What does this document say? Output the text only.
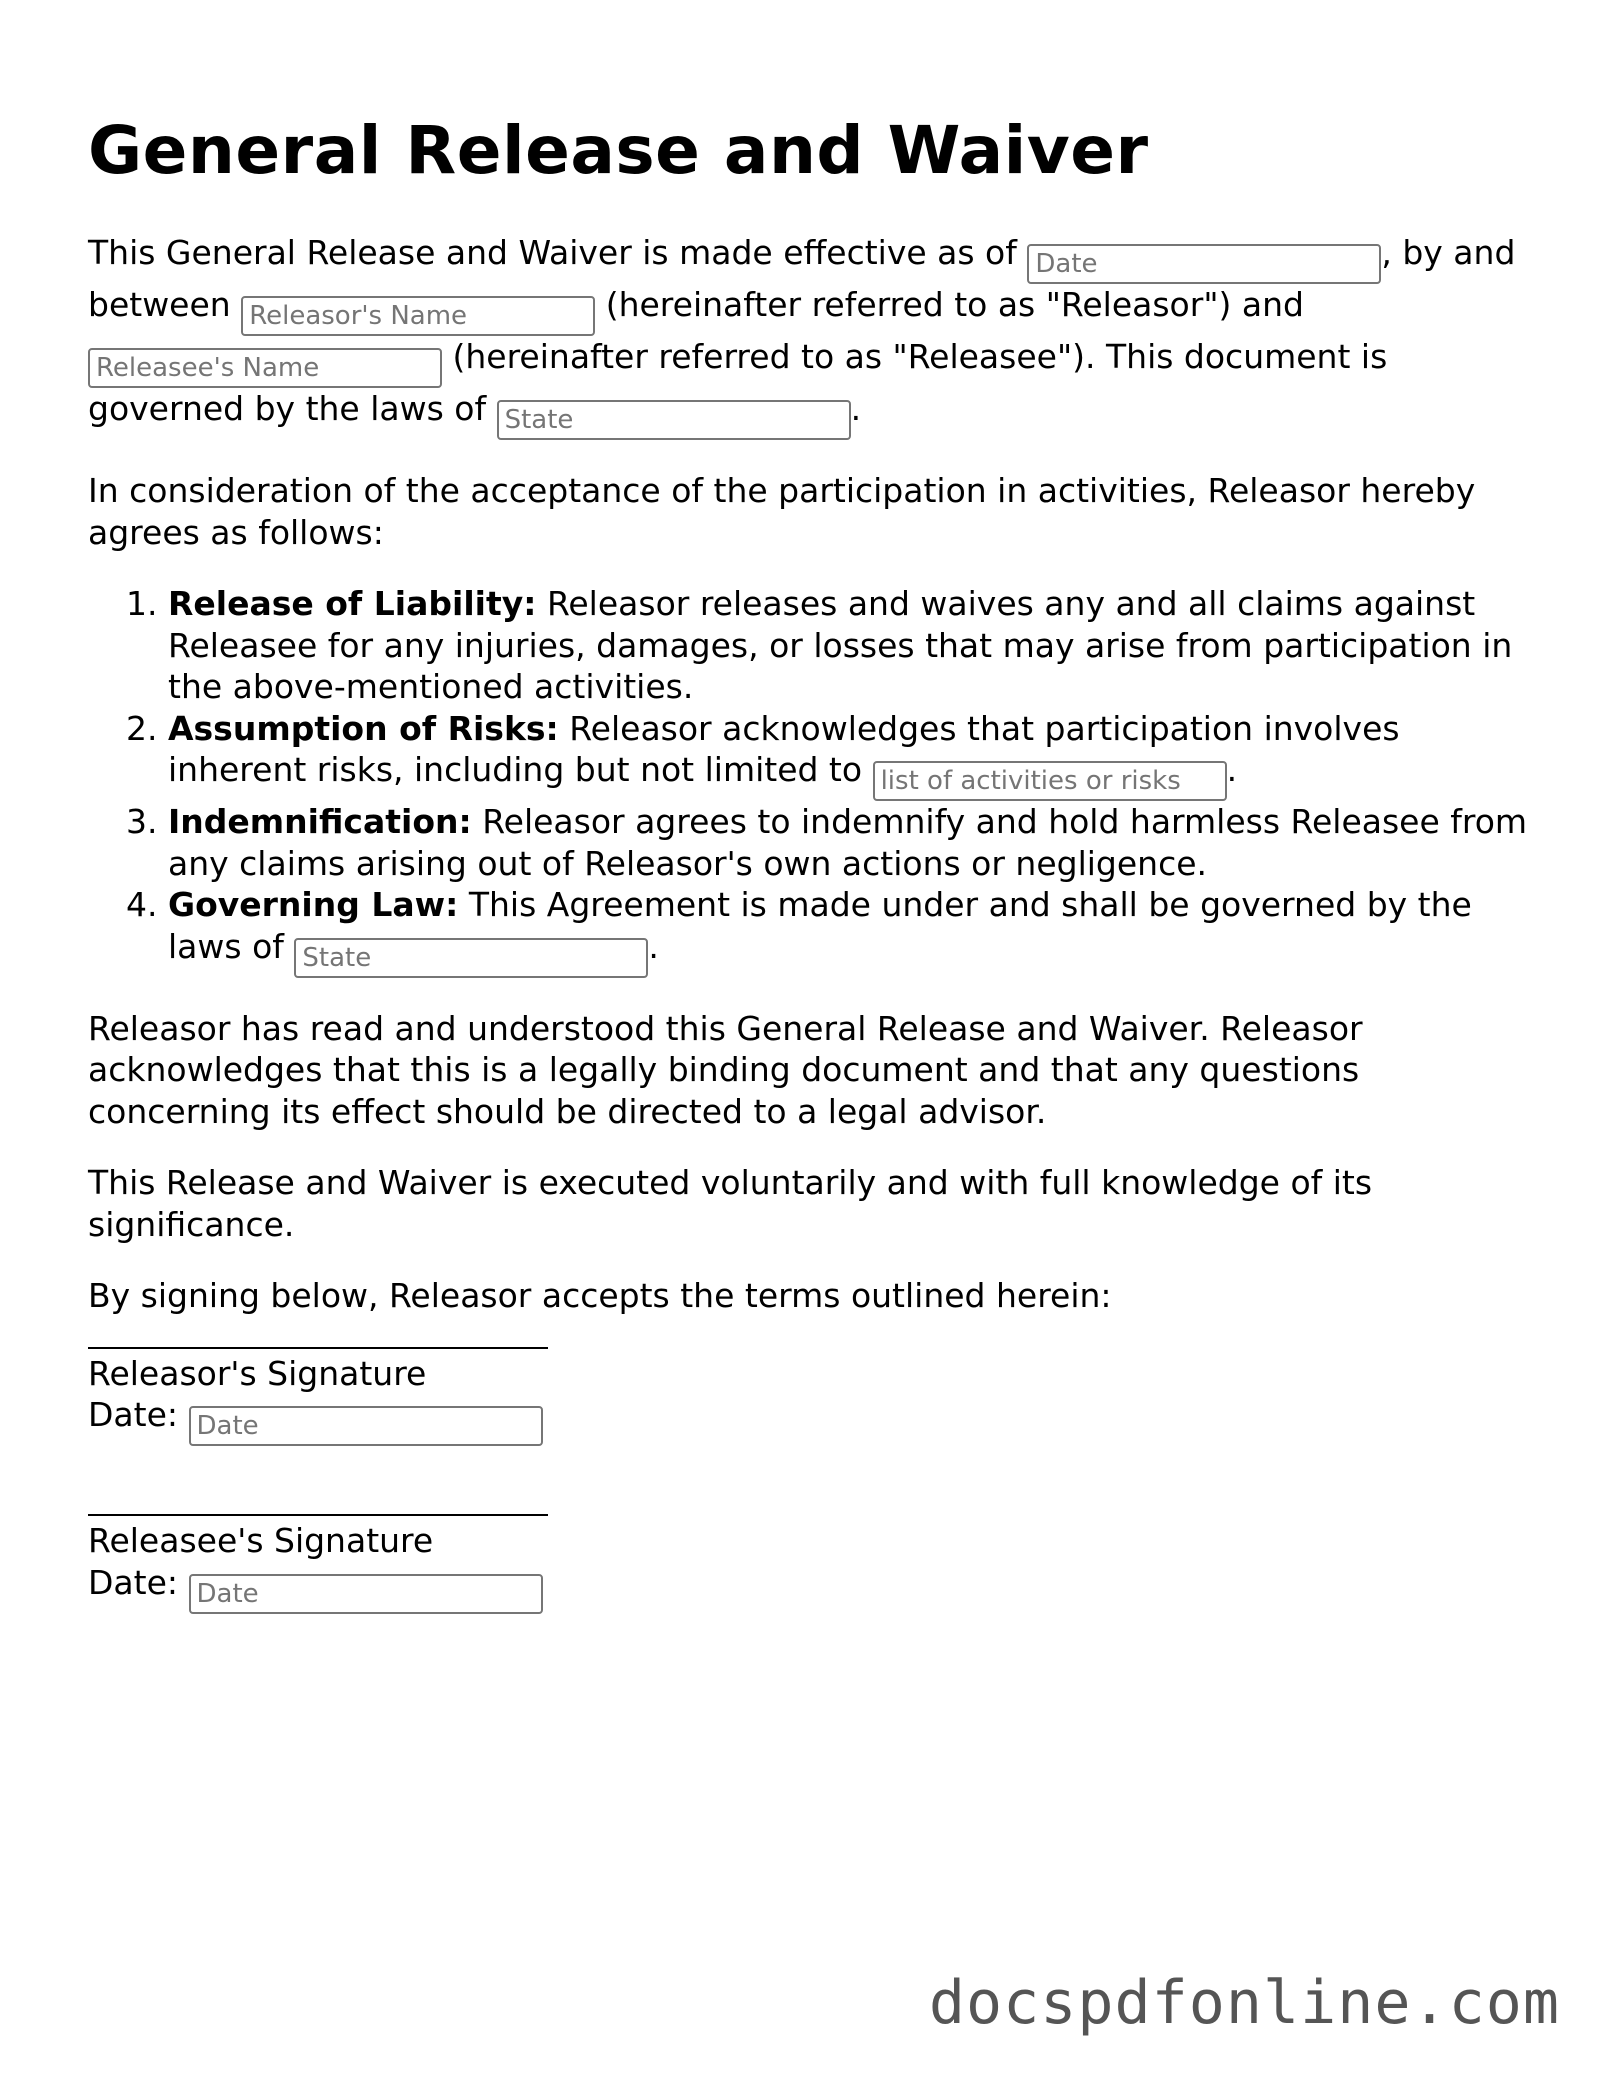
General Release and Waiver

This General Release and Waiver is made effective as of Date	, by and between Releasor's Name	(hereinafter referred to as "Releasor") and Releasee's Name (hereinafter referred to as "Releasee"). This document is governed by the laws of State	.

In consideration of the acceptance of the participation in activities, Releasor hereby agrees as follows:

1. Release of Liability: Releasor releases and waives any and all claims against Releasee for any injuries, damages, or losses that may arise from participation in the above-mentioned activities.
2. Assumption of Risks: Releasor acknowledges that participation involves inherent risks, including but not limited to list of activities or risks	.
3. Indemnification: Releasor agrees to indemnify and hold harmless Releasee from any claims arising out of Releasor's own actions or negligence.
4. Governing Law: This Agreement is made under and shall be governed by the laws of State	.

Releasor has read and understood this General Release and Waiver. Releasor acknowledges that this is a legally binding document and that any questions concerning its effect should be directed to a legal advisor.

This Release and Waiver is executed voluntarily and with full knowledge of its significance.

By signing below, Releasor accepts the terms outlined herein:

Releasor's Signature
Date: Date
Releasee's Signature
Date: Date
docspdfonline.com
